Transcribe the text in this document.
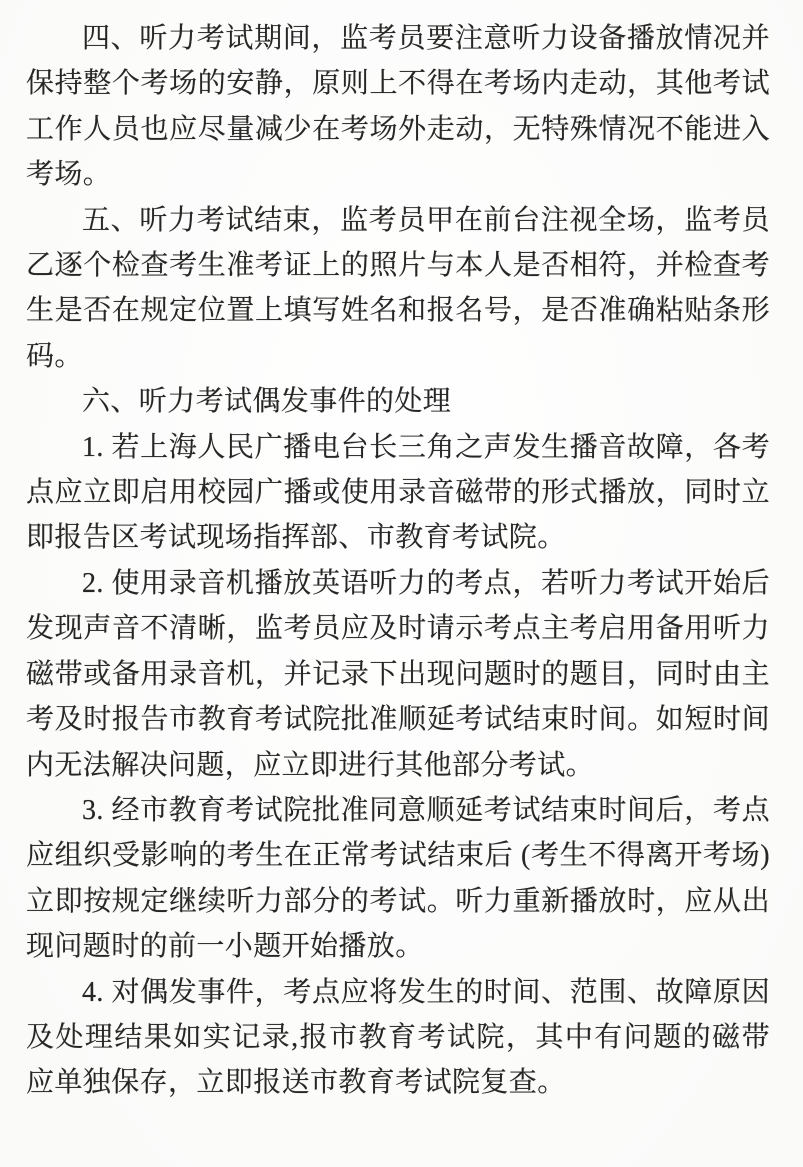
四、听力考试期间，监考员要注意听力设备播放情况并保持整个考场的安静，原则上不得在考场内走动，其他考试工作人员也应尽量减少在考场外走动，无特殊情况不能进入考场。

五、听力考试结束，监考员甲在前台注视全场，监考员乙逐个检查考生准考证上的照片与本人是否相符，并检查考生是否在规定位置上填写姓名和报名号，是否准确粘贴条形码。

六、听力考试偶发事件的处理

1. 若上海人民广播电台长三角之声发生播音故障，各考点应立即启用校园广播或使用录音磁带的形式播放，同时立即报告区考试现场指挥部、市教育考试院。

2. 使用录音机播放英语听力的考点，若听力考试开始后发现声音不清晰，监考员应及时请示考点主考启用备用听力磁带或备用录音机，并记录下出现问题时的题目，同时由主考及时报告市教育考试院批准顺延考试结束时间。如短时间内无法解决问题，应立即进行其他部分考试。

3. 经市教育考试院批准同意顺延考试结束时间后，考点应组织受影响的考生在正常考试结束后 (考生不得离开考场)立即按规定继续听力部分的考试。听力重新播放时，应从出现问题时的前一小题开始播放。

4. 对偶发事件，考点应将发生的时间、范围、故障原因及处理结果如实记录,报市教育考试院，其中有问题的磁带应单独保存，立即报送市教育考试院复查。
